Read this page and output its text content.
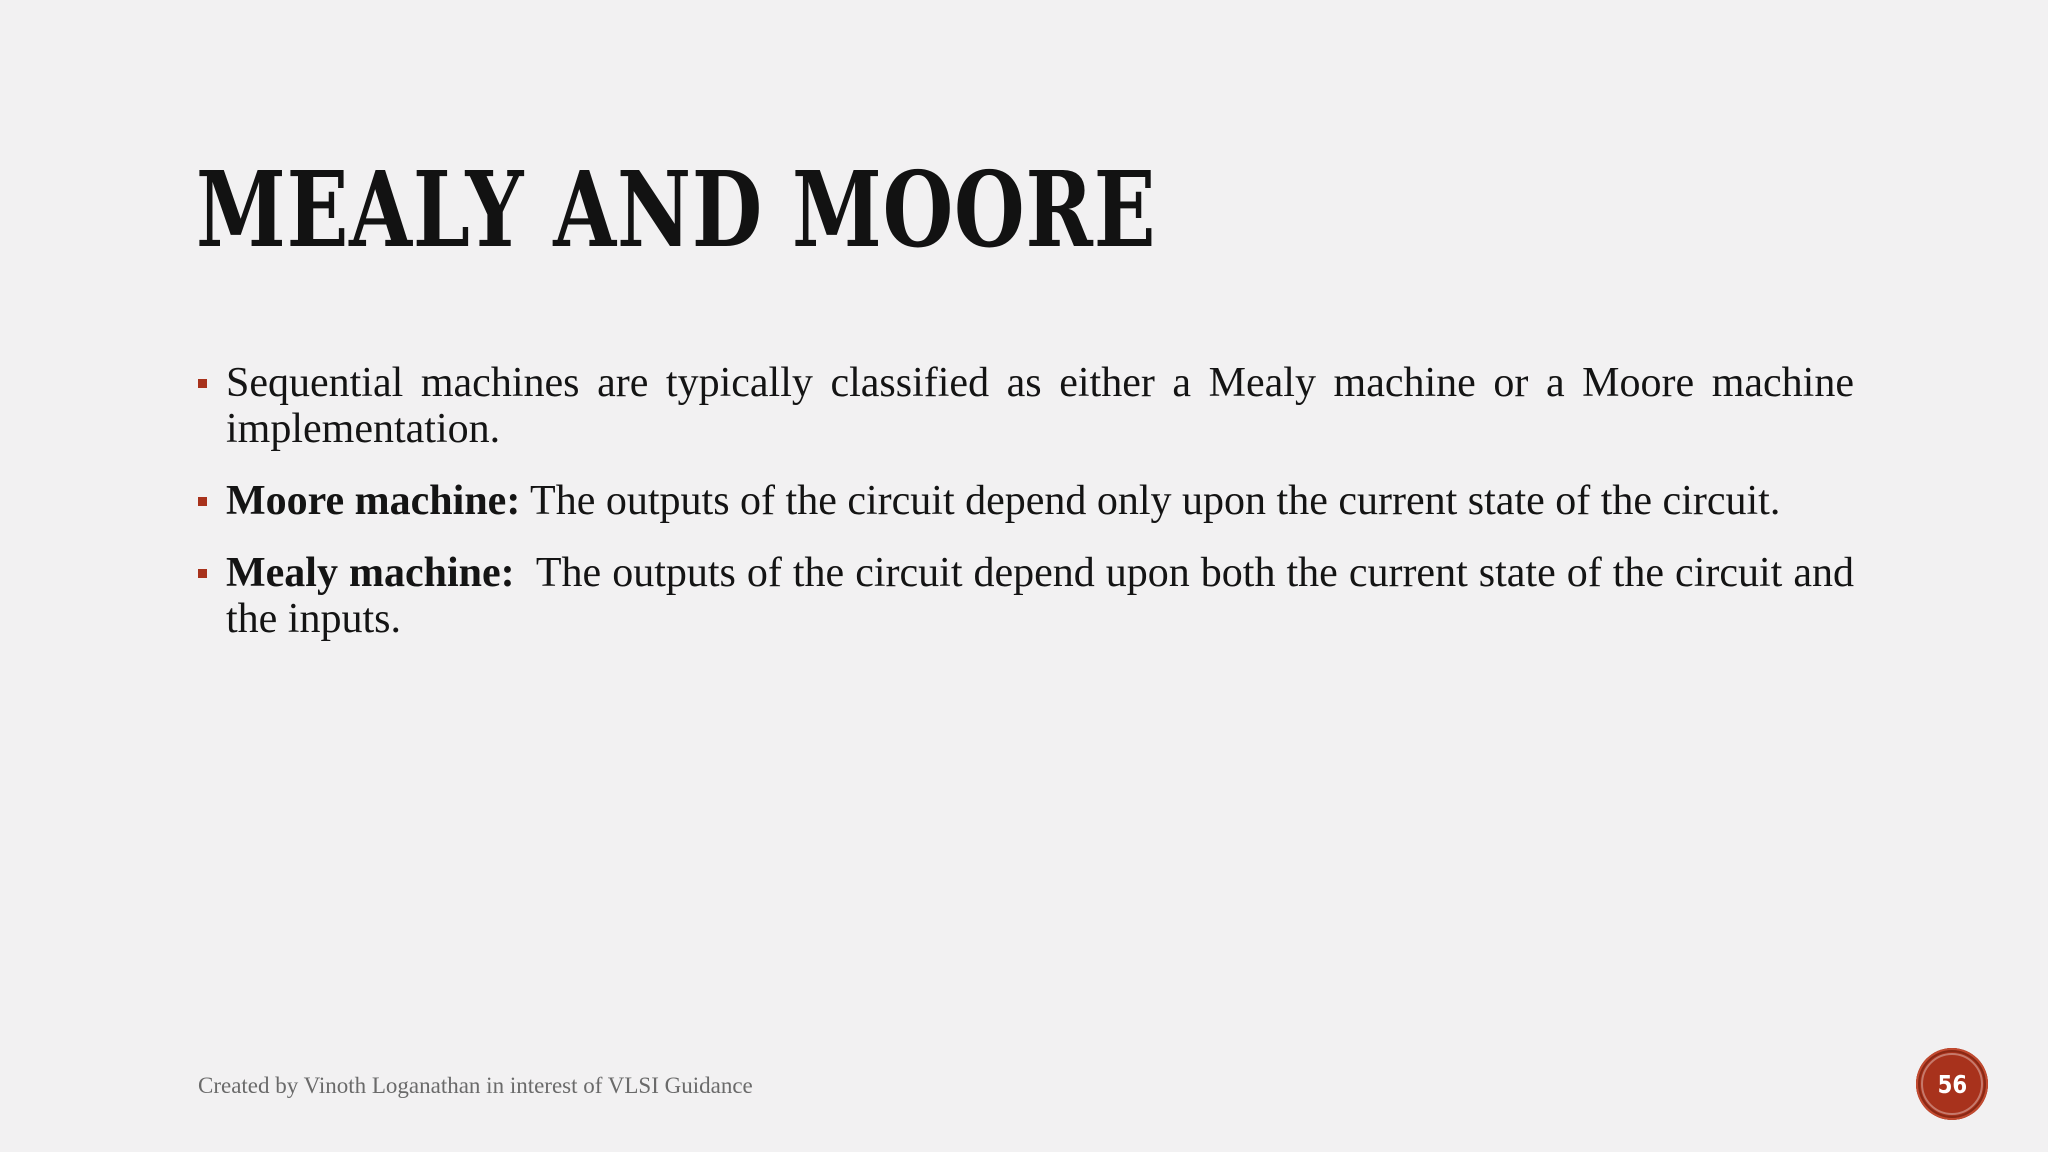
MEALY AND MOORE
Sequential machines are typically classified as either a Mealy machine or a Moore machine implementation.
Moore machine: The outputs of the circuit depend only upon the current state of the circuit.
Mealy machine:  The outputs of the circuit depend upon both the current state of the circuit and the inputs.
Created by Vinoth Loganathan in interest of VLSI Guidance	56
